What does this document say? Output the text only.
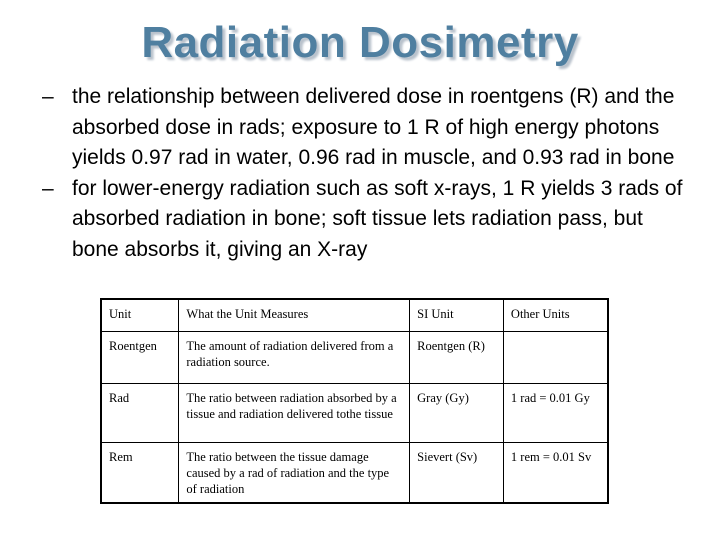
Radiation Dosimetry

– the relationship between delivered dose in roentgens (R) and the absorbed dose in rads; exposure to 1 R of high energy photons yields 0.97 rad in water, 0.96 rad in muscle, and 0.93 rad in bone

– for lower-energy radiation such as soft x-rays, 1 R yields 3 rads of absorbed radiation in bone; soft tissue lets radiation pass, but bone absorbs it, giving an X-ray

Unit	What the Unit Measures	SI Unit	Other Units
Roentgen	The amount of radiation delivered from a radiation source.	Roentgen (R)	
Rad	The ratio between radiation absorbed by a tissue and radiation delivered tothe tissue	Gray (Gy)	1 rad = 0.01 Gy
Rem	The ratio between the tissue damage caused by a rad of radiation and the type of radiation	Sievert (Sv)	1 rem = 0.01 Sv
